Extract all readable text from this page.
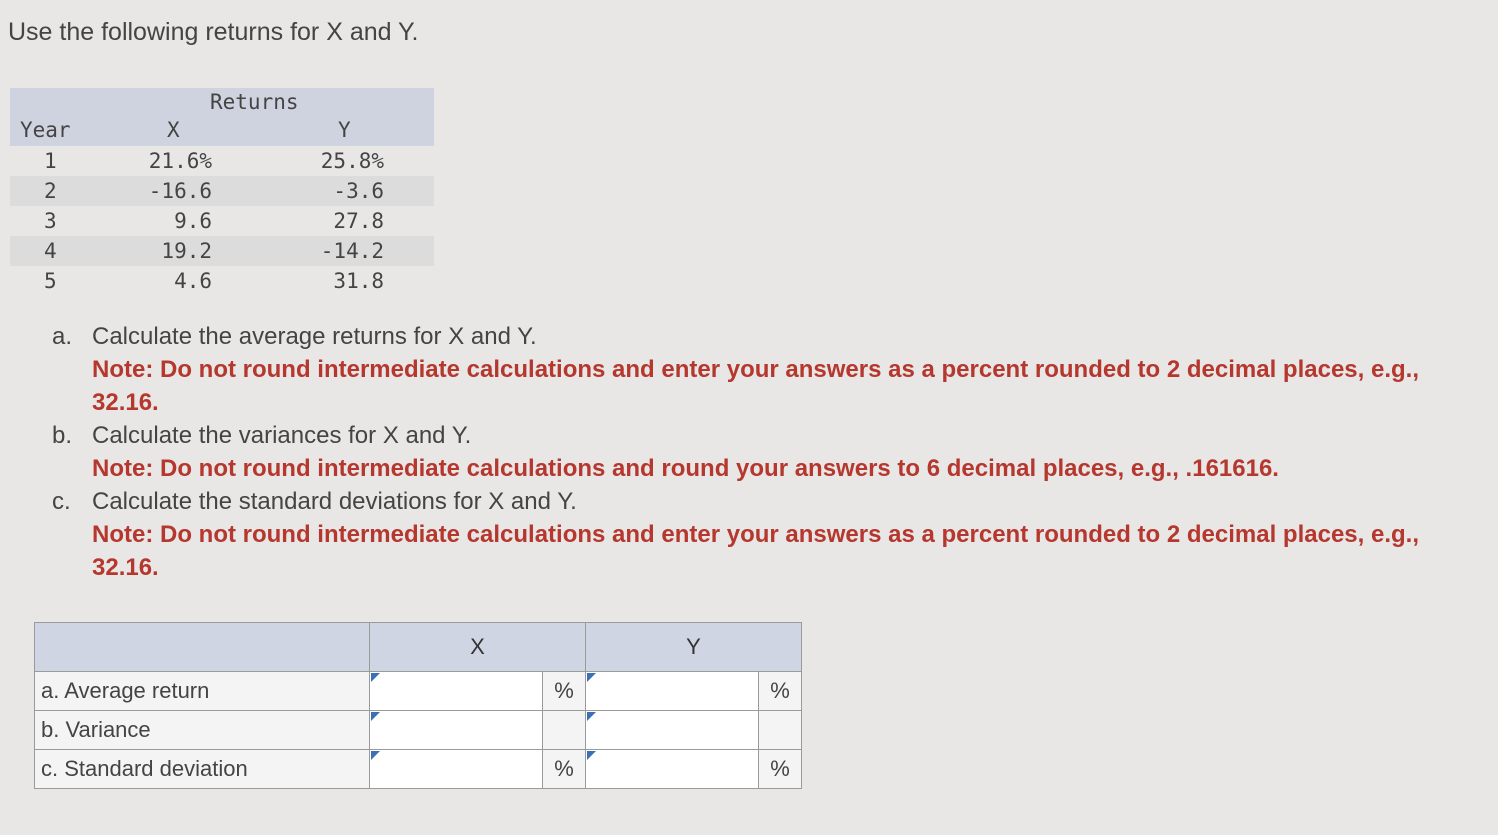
Use the following returns for X and Y.
Returns
Year	X	Y
1	21.6%	25.8%
2	-16.6	-3.6
3	9.6	27.8
4	19.2	-14.2
5	4.6	31.8
a. Calculate the average returns for X and Y.
Note: Do not round intermediate calculations and enter your answers as a percent rounded to 2 decimal places, e.g., 32.16.
b. Calculate the variances for X and Y.
Note: Do not round intermediate calculations and round your answers to 6 decimal places, e.g., .161616.
c. Calculate the standard deviations for X and Y.
Note: Do not round intermediate calculations and enter your answers as a percent rounded to 2 decimal places, e.g., 32.16.
	X		Y	
a. Average return		%		%
b. Variance	

c. Standard deviation		%		%
